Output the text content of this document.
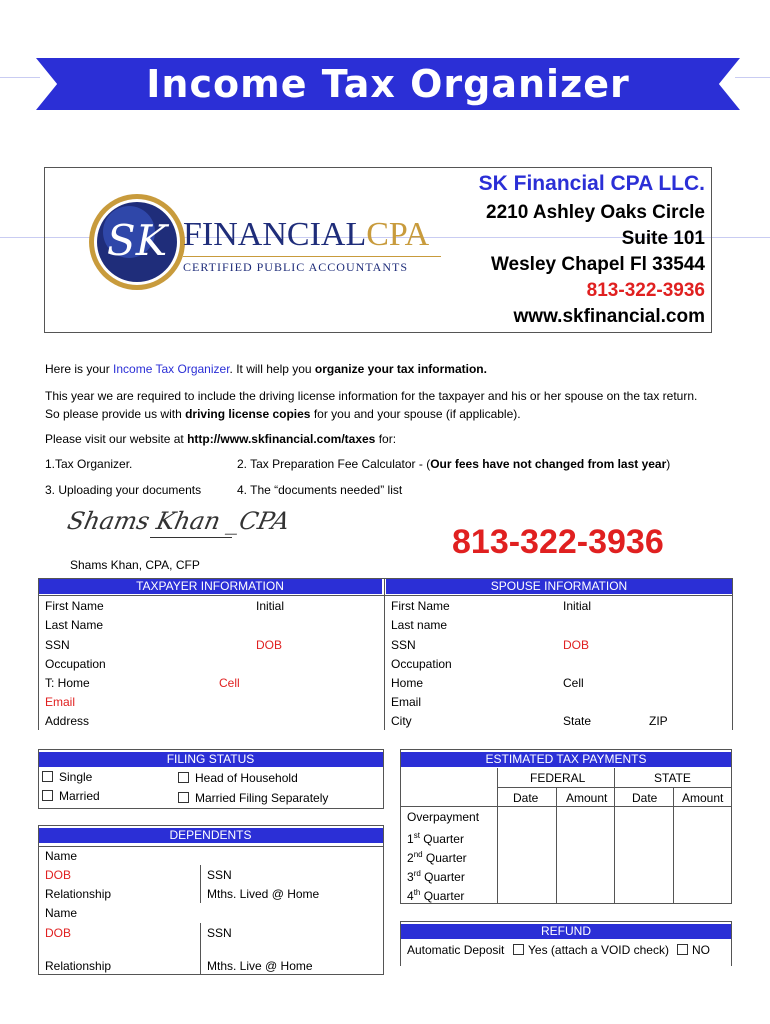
Income Tax Organizer
SK FINANCIALCPA
CERTIFIED PUBLIC ACCOUNTANTS
SK Financial CPA LLC.
2210 Ashley Oaks Circle
Suite 101
Wesley Chapel Fl 33544
813-322-3936
www.skfinancial.com
Here is your Income Tax Organizer. It will help you organize your tax information.
This year we are required to include the driving license information for the taxpayer and his or her spouse on the tax return.
So please provide us with driving license copies for you and your spouse (if applicable).
Please visit our website at http://www.skfinancial.com/taxes for:
1.Tax Organizer.	2. Tax Preparation Fee Calculator - (Our fees have not changed from last year)
3. Uploading your documents	4. The “documents needed” list
Shams Khan _CPA
Shams Khan, CPA, CFP
813-322-3936
TAXPAYER INFORMATION	SPOUSE INFORMATION
First Name	Initial
Last Name
SSN	DOB
Occupation
T: Home	Cell
Email
Address
First Name	Initial
Last name
SSN	DOB
Occupation
Home	Cell
Email
City	State	ZIP
FILING STATUS
Single
Married
Head of Household
Married Filing Separately
ESTIMATED TAX PAYMENTS
FEDERAL	STATE
Date Amount Date Amount
Overpayment
1st Quarter
2nd Quarter
3rd Quarter
4th Quarter
DEPENDENTS
Name
DOB	SSN
Relationship	Mths. Lived @ Home
Name
DOB	SSN
Relationship	Mths. Live @ Home
REFUND
Automatic Deposit	Yes (attach a VOID check)	NO
